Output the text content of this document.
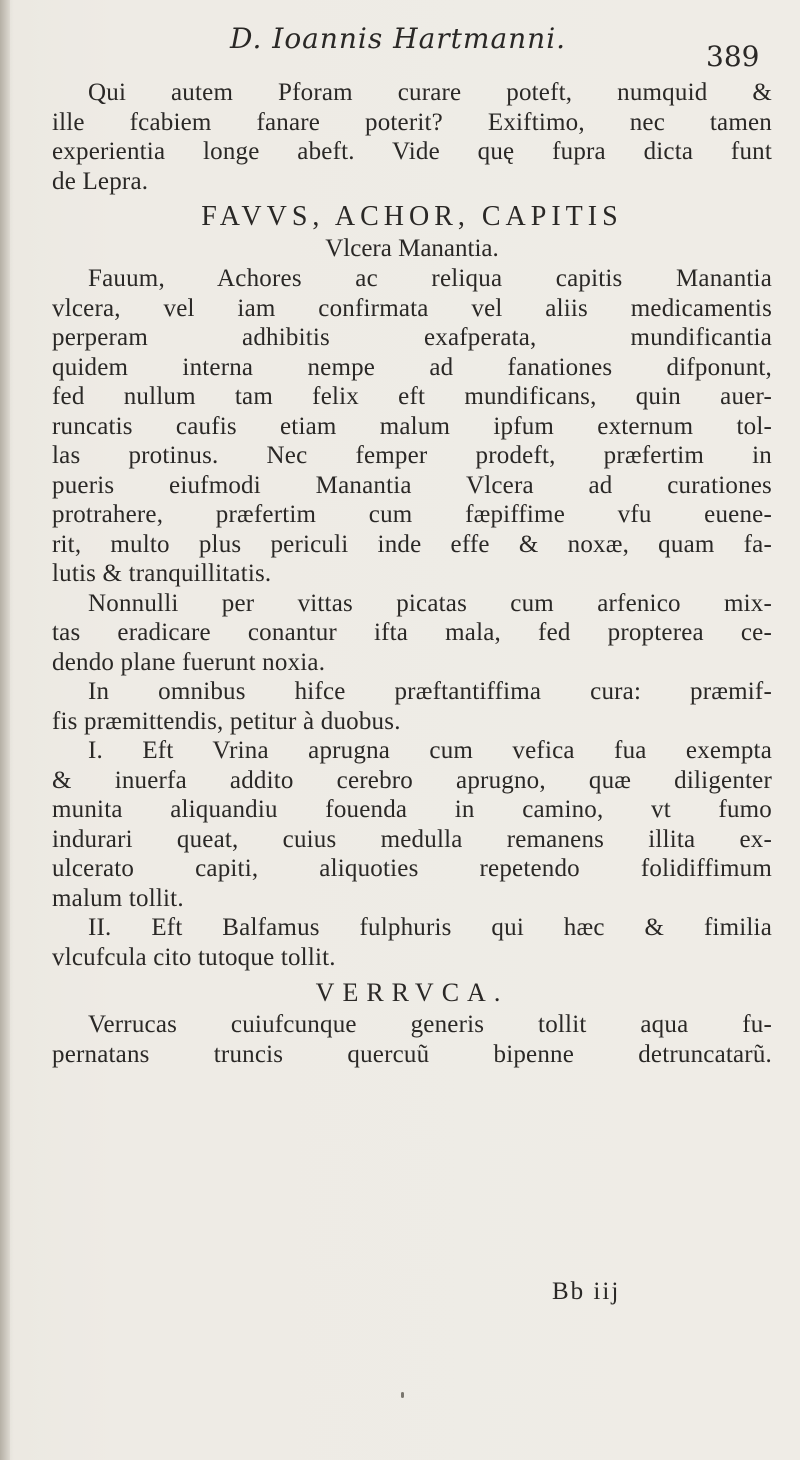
D. Ioannis Hartmanni.
389
Qui autem Pforam curare poteft, numquid &
ille fcabiem fanare poterit? Exiftimo, nec tamen
experientia longe abeft. Vide quę fupra dicta funt
de Lepra.
FAVVS, ACHOR, CAPITIS
Vlcera Manantia.
Fauum, Achores ac reliqua capitis Manantia
vlcera, vel iam confirmata vel aliis medicamentis
perperam adhibitis exafperata, mundificantia
quidem interna nempe ad fanationes difponunt,
fed nullum tam felix eft mundificans, quin auer-
runcatis caufis etiam malum ipfum externum tol-
las protinus. Nec femper prodeft, præfertim in
pueris eiufmodi Manantia Vlcera ad curationes
protrahere, præfertim cum fæpiffime vfu euene-
rit, multo plus periculi inde effe & noxæ, quam fa-
lutis & tranquillitatis.
Nonnulli per vittas picatas cum arfenico mix-
tas eradicare conantur ifta mala, fed propterea ce-
dendo plane fuerunt noxia.
In omnibus hifce præftantiffima cura: præmif-
fis præmittendis, petitur à duobus.
I. Eft Vrina aprugna cum vefica fua exempta
& inuerfa addito cerebro aprugno, quæ diligenter
munita aliquandiu fouenda in camino, vt fumo
indurari queat, cuius medulla remanens illita ex-
ulcerato capiti, aliquoties repetendo folidiffimum
malum tollit.
II. Eft Balfamus fulphuris qui hæc & fimilia
vlcufcula cito tutoque tollit.
VERRVCA.
Verrucas cuiufcunque generis tollit aqua fu-
pernatans truncis quercuũ bipenne detruncatarũ.
Bb iij
